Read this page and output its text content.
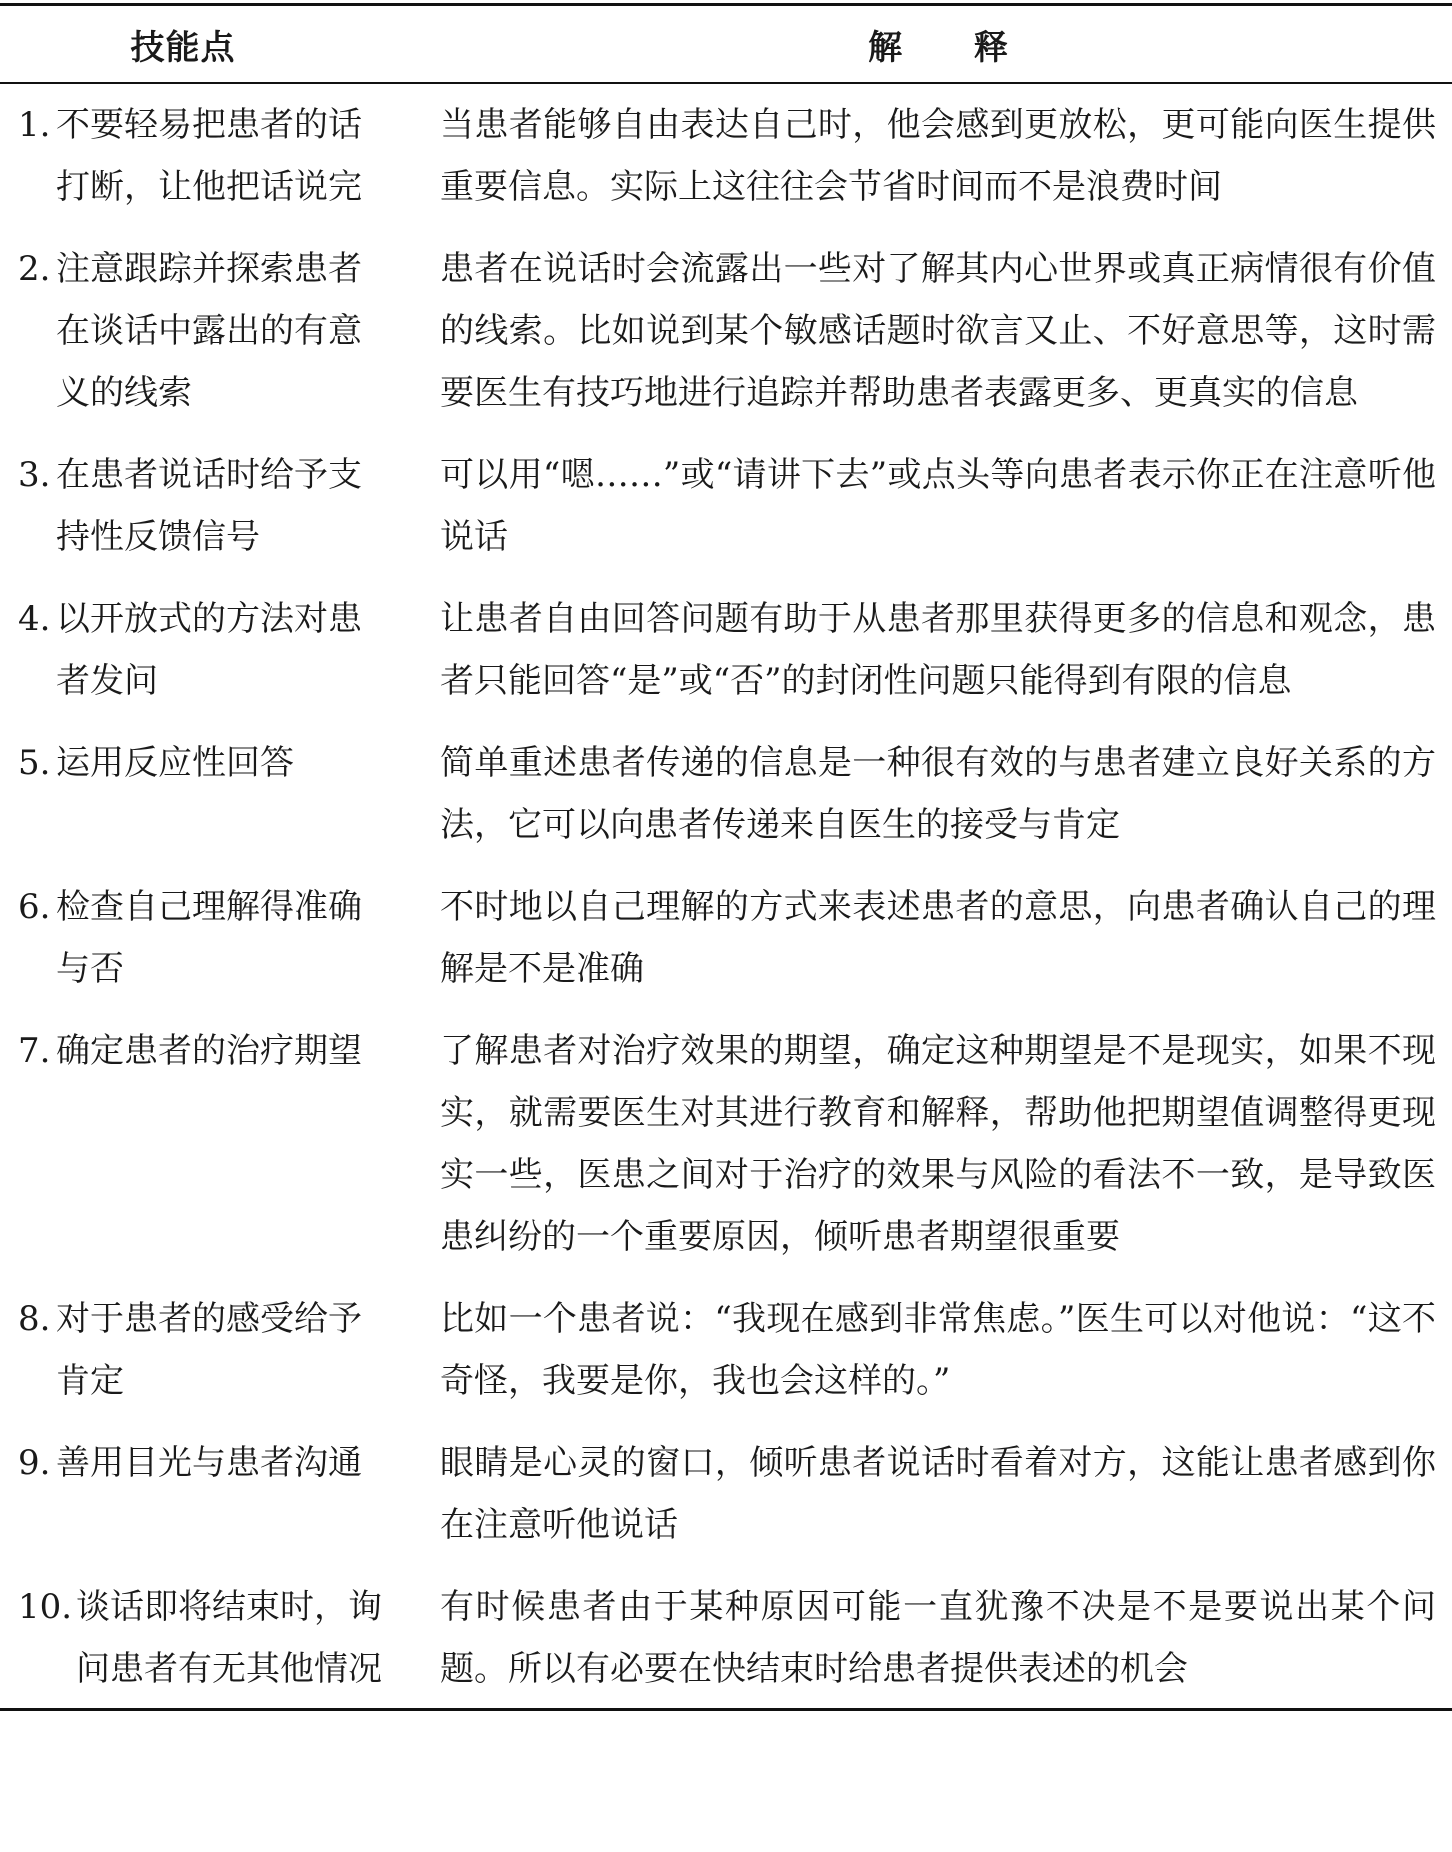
技能点	解 释

1. 不要轻易把患者的话打断，让他把话说完	当患者能够自由表达自己时，他会感到更放松，更可能向医生提供重要信息。实际上这往往会节省时间而不是浪费时间

2. 注意跟踪并探索患者在谈话中露出的有意义的线索	患者在说话时会流露出一些对了解其内心世界或真正病情很有价值的线索。比如说到某个敏感话题时欲言又止、不好意思等，这时需要医生有技巧地进行追踪并帮助患者表露更多、更真实的信息

3. 在患者说话时给予支持性反馈信号	可以用“嗯……”或“请讲下去”或点头等向患者表示你正在注意听他说话

4. 以开放式的方法对患者发问	让患者自由回答问题有助于从患者那里获得更多的信息和观念，患者只能回答“是”或“否”的封闭性问题只能得到有限的信息

5. 运用反应性回答	简单重述患者传递的信息是一种很有效的与患者建立良好关系的方法，它可以向患者传递来自医生的接受与肯定

6. 检查自己理解得准确与否	不时地以自己理解的方式来表述患者的意思，向患者确认自己的理解是不是准确

7. 确定患者的治疗期望	了解患者对治疗效果的期望，确定这种期望是不是现实，如果不现实，就需要医生对其进行教育和解释，帮助他把期望值调整得更现实一些，医患之间对于治疗的效果与风险的看法不一致，是导致医患纠纷的一个重要原因，倾听患者期望很重要

8. 对于患者的感受给予肯定	比如一个患者说：“我现在感到非常焦虑。”医生可以对他说：“这不奇怪，我要是你，我也会这样的。”

9. 善用目光与患者沟通	眼睛是心灵的窗口，倾听患者说话时看着对方，这能让患者感到你在注意听他说话

10. 谈话即将结束时，询问患者有无其他情况	有时候患者由于某种原因可能一直犹豫不决是不是要说出某个问题。所以有必要在快结束时给患者提供表述的机会
